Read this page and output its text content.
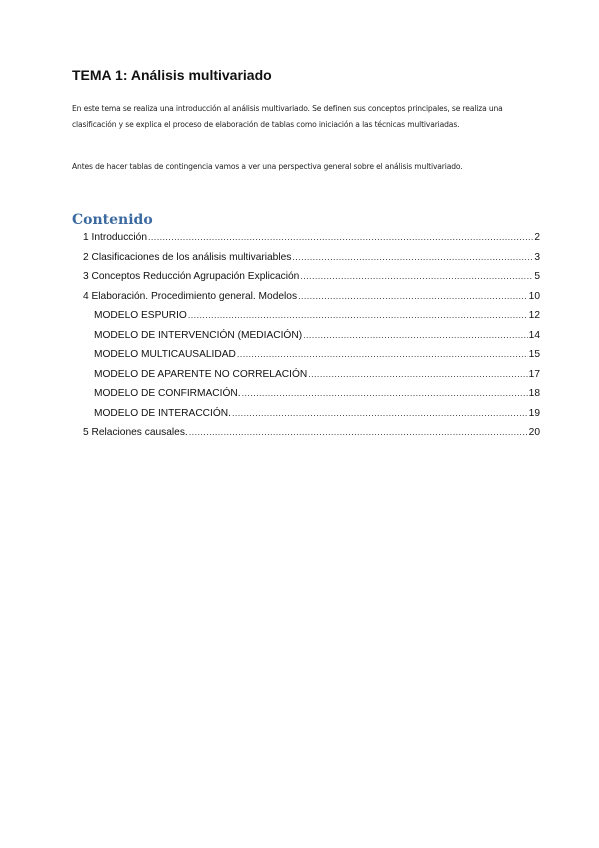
TEMA 1: Análisis multivariado

En este tema se realiza una introducción al análisis multivariado. Se definen sus conceptos principales, se realiza una clasificación y se explica el proceso de elaboración de tablas como iniciación a las técnicas multivariadas.

Antes de hacer tablas de contingencia vamos a ver una perspectiva general sobre el análisis multivariado.

Contenido
1 Introducción .....	2
2 Clasificaciones de los análisis multivariables .....	3
3 Conceptos Reducción Agrupación Explicación .....	5
4 Elaboración. Procedimiento general. Modelos .....	10
MODELO ESPURIO .....	12
MODELO DE INTERVENCIÓN (MEDIACIÓN) .....	14
MODELO MULTICAUSALIDAD .....	15
MODELO DE APARENTE NO CORRELACIÓN .....	17
MODELO DE CONFIRMACIÓN. .....	18
MODELO DE INTERACCIÓN. .....	19
5 Relaciones causales. .....	20
